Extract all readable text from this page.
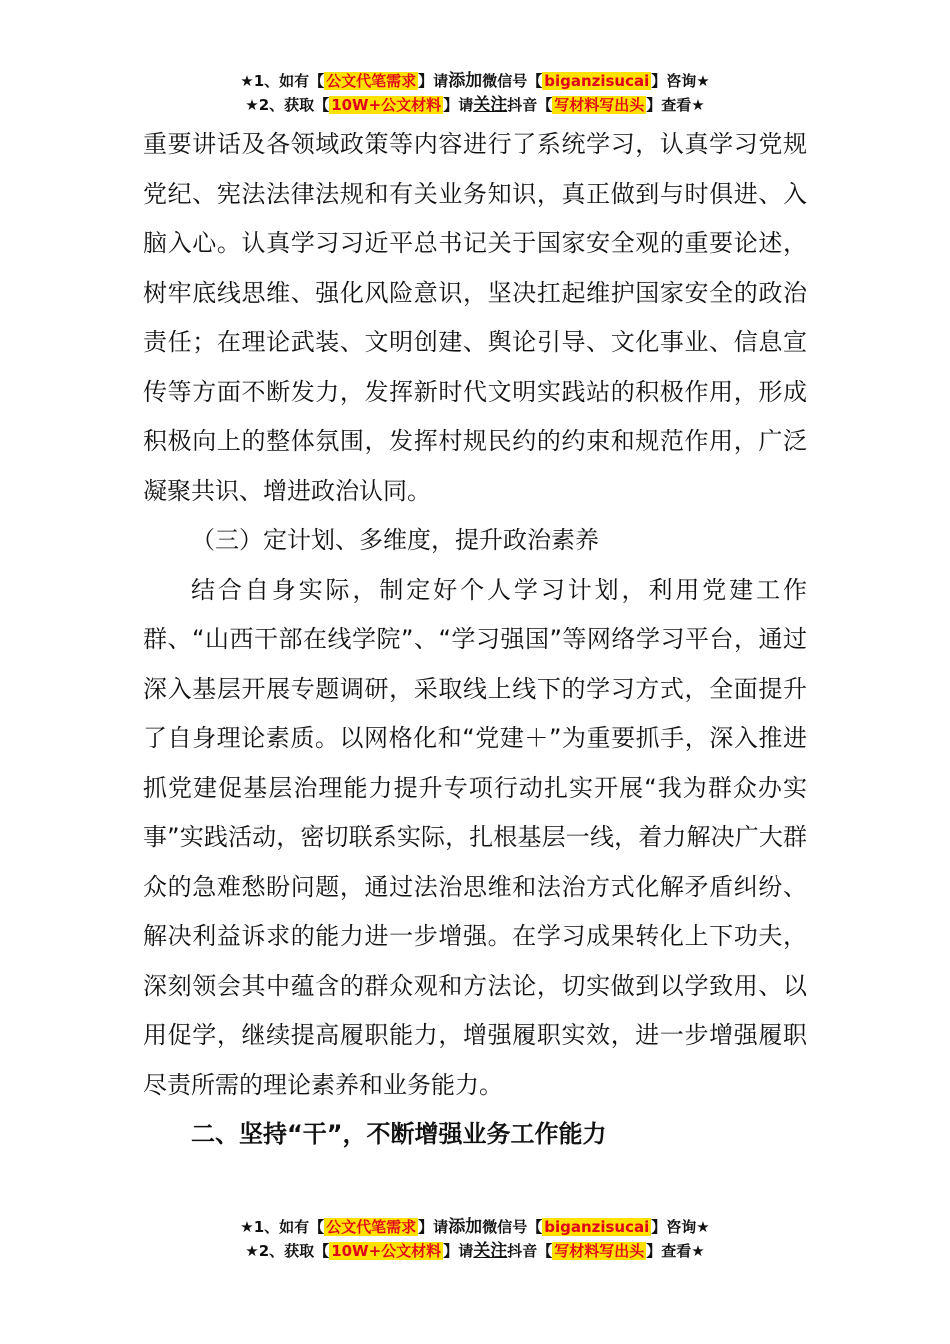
★1、如有【 公文代笔需求 】请添加微信号【 biganzisucai 】咨询★
★2、获取【 10W+公文材料 】请关注抖音【 写材料写出头 】查看★

重要讲话及各领域政策等内容进行了系统学习，认真学习党规党纪、宪法法律法规和有关业务知识，真正做到与时俱进、入脑入心。认真学习习近平总书记关于国家安全观的重要论述，树牢底线思维、强化风险意识，坚决扛起维护国家安全的政治责任；在理论武装、文明创建、舆论引导、文化事业、信息宣传等方面不断发力，发挥新时代文明实践站的积极作用，形成积极向上的整体氛围，发挥村规民约的约束和规范作用，广泛凝聚共识、增进政治认同。

（三）定计划、多维度，提升政治素养

结合自身实际，制定好个人学习计划，利用党建工作群、“山西干部在线学院”、“学习强国”等网络学习平台，通过深入基层开展专题调研，采取线上线下的学习方式，全面提升了自身理论素质。以网格化和“党建＋”为重要抓手，深入推进抓党建促基层治理能力提升专项行动扎实开展“我为群众办实事”实践活动，密切联系实际，扎根基层一线，着力解决广大群众的急难愁盼问题，通过法治思维和法治方式化解矛盾纠纷、解决利益诉求的能力进一步增强。在学习成果转化上下功夫，深刻领会其中蕴含的群众观和方法论，切实做到以学致用、以用促学，继续提高履职能力，增强履职实效，进一步增强履职尽责所需的理论素养和业务能力。

二、坚持“干”，不断增强业务工作能力

★1、如有【 公文代笔需求 】请添加微信号【 biganzisucai 】咨询★
★2、获取【 10W+公文材料 】请关注抖音【 写材料写出头 】查看★
